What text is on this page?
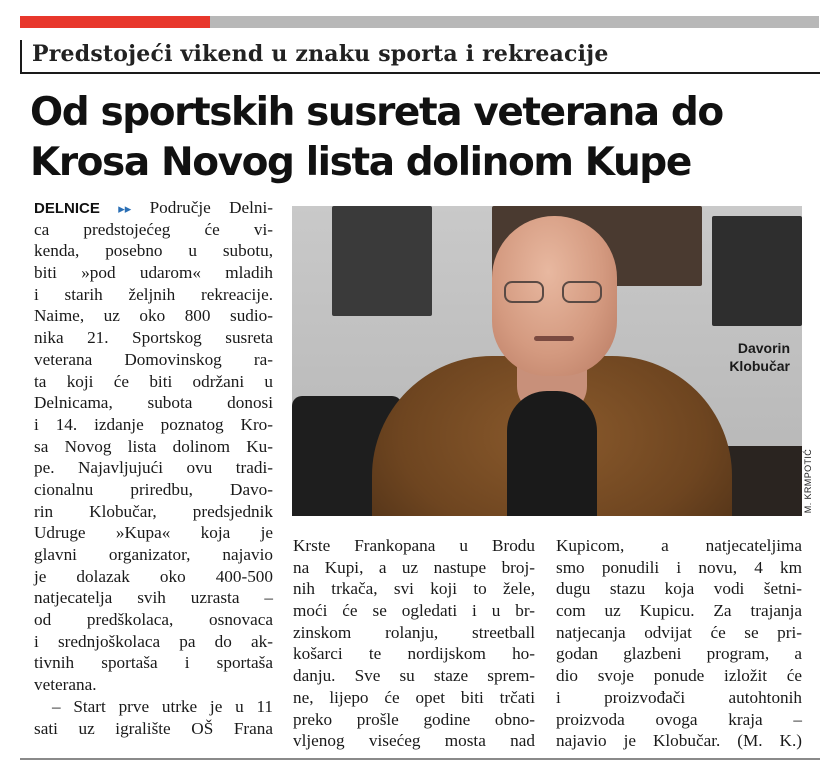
Predstojeći vikend u znaku sporta i rekreacije
Od sportskih susreta veterana do
Krosa Novog lista dolinom Kupe
DELNICE ▸▸ Područje Delni-
ca predstojećeg će vi-
kenda, posebno u subotu,
biti »pod udarom« mladih
i starih željnih rekreacije.
Naime, uz oko 800 sudio-
nika 21. Sportskog susreta
veterana Domovinskog ra-
ta koji će biti održani u
Delnicama, subota donosi
i 14. izdanje poznatog Kro-
sa Novog lista dolinom Ku-
pe. Najavljujući ovu tradi-
cionalnu priredbu, Davo-
rin Klobučar, predsjednik
Udruge »Kupa« koja je
glavni organizator, najavio
je dolazak oko 400-500
natjecatelja svih uzrasta –
od predškolaca, osnovaca
i srednjoškolaca pa do ak-
tivnih sportaša i sportaša
veterana.
– Start prve utrke je u 11
sati uz igralište OŠ Frana
Davorin
Klobučar
M. KRMPOTIĆ
Krste Frankopana u Brodu
na Kupi, a uz nastupe broj-
nih trkača, svi koji to žele,
moći će se ogledati i u br-
zinskom rolanju, streetball
košarci te nordijskom ho-
danju. Sve su staze sprem-
ne, lijepo će opet biti trčati
preko prošle godine obno-
vljenog visećeg mosta nad
Kupicom, a natjecateljima
smo ponudili i novu, 4 km
dugu stazu koja vodi šetni-
com uz Kupicu. Za trajanja
natjecanja odvijat će se pri-
godan glazbeni program, a
dio svoje ponude izložit će
i proizvođači autohtonih
proizvoda ovoga kraja –
najavio je Klobučar. (M. K.)
